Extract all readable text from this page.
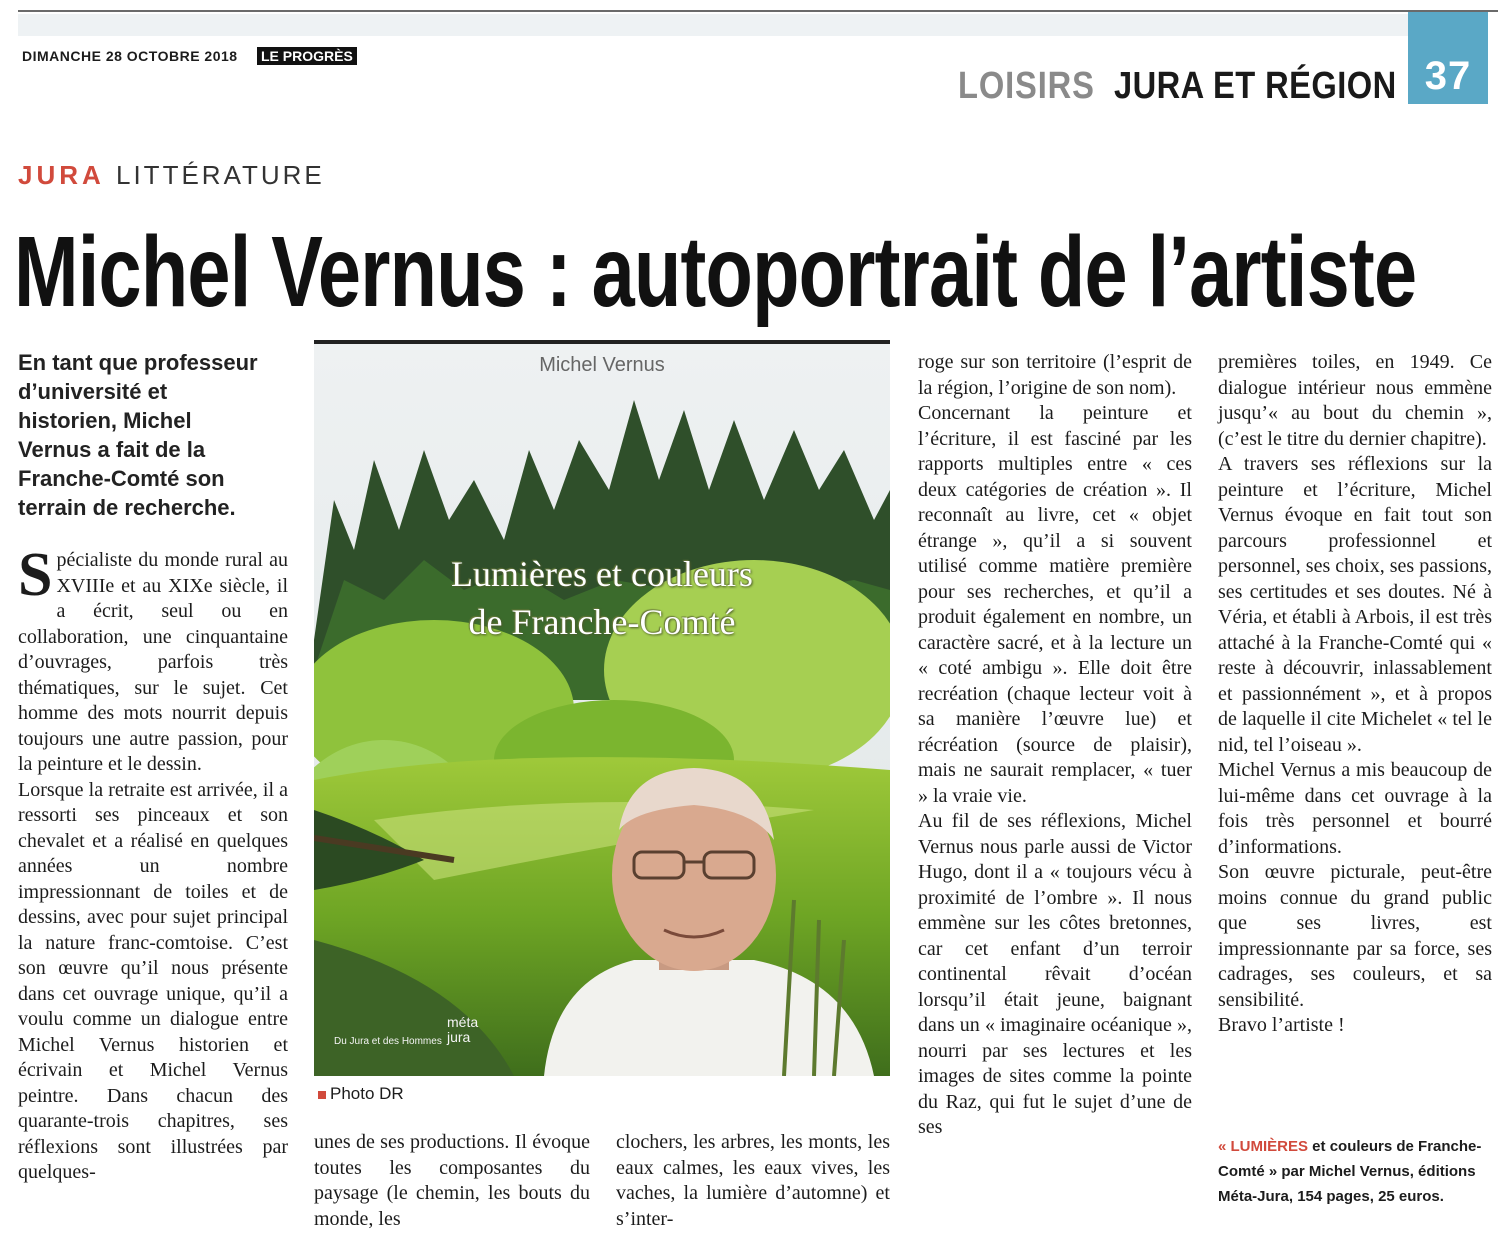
DIMANCHE 28 OCTOBRE 2018 LE PROGRÈS
LOISIRS JURA ET RÉGION 37
JURA LITTÉRATURE
Michel Vernus : autoportrait de l’artiste
En tant que professeur d’université et historien, Michel Vernus a fait de la Franche-Comté son terrain de recherche.
S pécialiste du monde rural au XVIIIe et au XIXe siècle, il a écrit, seul ou en collaboration, une cinquantaine d’ouvrages, parfois très thématiques, sur le sujet. Cet homme des mots nourrit depuis toujours une autre passion, pour la peinture et le dessin.

Lorsque la retraite est arrivée, il a ressorti ses pinceaux et son chevalet et a réalisé en quelques années un nombre impressionnant de toiles et de dessins, avec pour sujet principal la nature franc-comtoise. C’est son œuvre qu’il nous présente dans cet ouvrage unique, qu’il a voulu comme un dialogue entre Michel Vernus historien et écrivain et Michel Vernus peintre. Dans chacun des quarante-trois chapitres, ses réflexions sont illustrées par quelques-

Michel Vernus
Lumières et couleurs
de Franche-Comté
Du Jura et des Hommes
méta
jura
Photo DR

unes de ses productions. Il évoque toutes les composantes du paysage (le chemin, les bouts du monde, les

clochers, les arbres, les monts, les eaux calmes, les eaux vives, les vaches, la lumière d’automne) et s’inter-

roge sur son territoire (l’esprit de la région, l’origine de son nom).

Concernant la peinture et l’écriture, il est fasciné par les rapports multiples entre « ces deux catégories de création ». Il reconnaît au livre, cet « objet étrange », qu’il a si souvent utilisé comme matière première pour ses recherches, et qu’il a produit également en nombre, un caractère sacré, et à la lecture un « coté ambigu ». Elle doit être recréation (chaque lecteur voit à sa manière l’œuvre lue) et récréation (source de plaisir), mais ne saurait remplacer, « tuer » la vraie vie.

Au fil de ses réflexions, Michel Vernus nous parle aussi de Victor Hugo, dont il a « toujours vécu à proximité de l’ombre ». Il nous emmène sur les côtes bretonnes, car cet enfant d’un terroir continental rêvait d’océan lorsqu’il était jeune, baignant dans un « imaginaire océanique », nourri par ses lectures et les images de sites comme la pointe du Raz, qui fut le sujet d’une de ses

premières toiles, en 1949. Ce dialogue intérieur nous emmène jusqu’« au bout du chemin », (c’est le titre du dernier chapitre).

A travers ses réflexions sur la peinture et l’écriture, Michel Vernus évoque en fait tout son parcours professionnel et personnel, ses choix, ses passions, ses certitudes et ses doutes. Né à Véria, et établi à Arbois, il est très attaché à la Franche-Comté qui « reste à découvrir, inlassablement et passionnément », et à propos de laquelle il cite Michelet « tel le nid, tel l’oiseau ».

Michel Vernus a mis beaucoup de lui-même dans cet ouvrage à la fois très personnel et bourré d’informations.

Son œuvre picturale, peut-être moins connue du grand public que ses livres, est impressionnante par sa force, ses cadrages, ses couleurs, et sa sensibilité.

Bravo l’artiste !

« LUMIÈRES et couleurs de Franche-Comté » par Michel Vernus, éditions Méta-Jura, 154 pages, 25 euros.
